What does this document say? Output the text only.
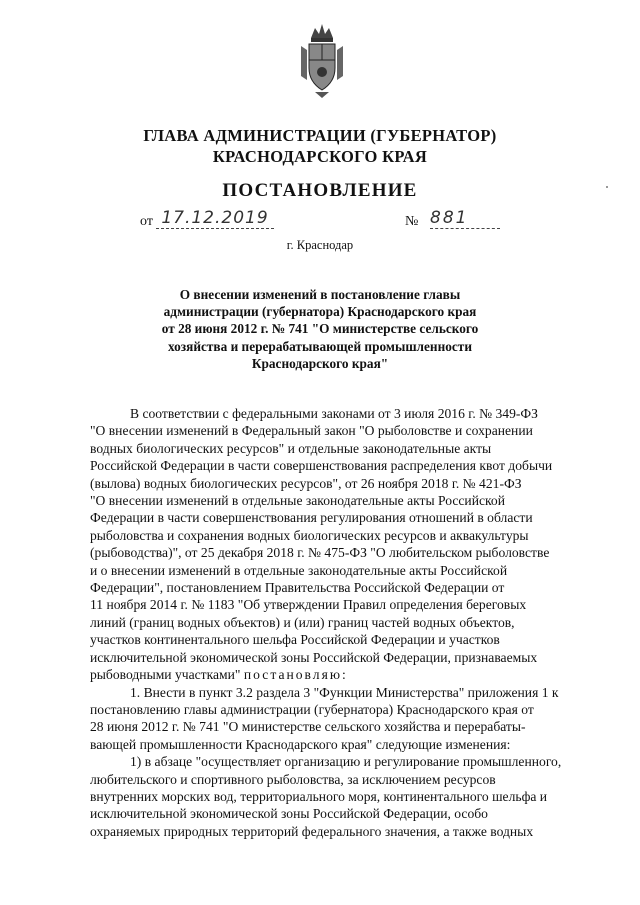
ГЛАВА АДМИНИСТРАЦИИ (ГУБЕРНАТОР)
КРАСНОДАРСКОГО КРАЯ
ПОСТАНОВЛЕНИЕ
от 17.12.2019	№ 881
г. Краснодар
О внесении изменений в постановление главы
администрации (губернатора) Краснодарского края
от 28 июня 2012 г. № 741 "О министерстве сельского
хозяйства и перерабатывающей промышленности
Краснодарского края"

В соответствии с федеральными законами от 3 июля 2016 г. № 349-ФЗ

"О внесении изменений в Федеральный закон "О рыболовстве и сохранении

водных биологических ресурсов" и отдельные законодательные акты

Российской Федерации в части совершенствования распределения квот добычи

(вылова) водных биологических ресурсов", от 26 ноября 2018 г. № 421-ФЗ

"О внесении изменений в отдельные законодательные акты Российской

Федерации в части совершенствования регулирования отношений в области

рыболовства и сохранения водных биологических ресурсов и аквакультуры

(рыбоводства)", от 25 декабря 2018 г. № 475-ФЗ "О любительском рыболовстве

и о внесении изменений в отдельные законодательные акты Российской

Федерации", постановлением Правительства Российской Федерации от

11 ноября 2014 г. № 1183 "Об утверждении Правил определения береговых

линий (границ водных объектов) и (или) границ частей водных объектов,

участков континентального шельфа Российской Федерации и участков

исключительной экономической зоны Российской Федерации, признаваемых

рыбоводными участками" постановляю:

1. Внести в пункт 3.2 раздела 3 "Функции Министерства" приложения 1 к

постановлению главы администрации (губернатора) Краснодарского края от

28 июня 2012 г. № 741 "О министерстве сельского хозяйства и перерабаты-

вающей промышленности Краснодарского края" следующие изменения:

1) в абзаце "осуществляет организацию и регулирование промышленного,

любительского и спортивного рыболовства, за исключением ресурсов

внутренних морских вод, территориального моря, континентального шельфа и

исключительной экономической зоны Российской Федерации, особо

охраняемых природных территорий федерального значения, а также водных
